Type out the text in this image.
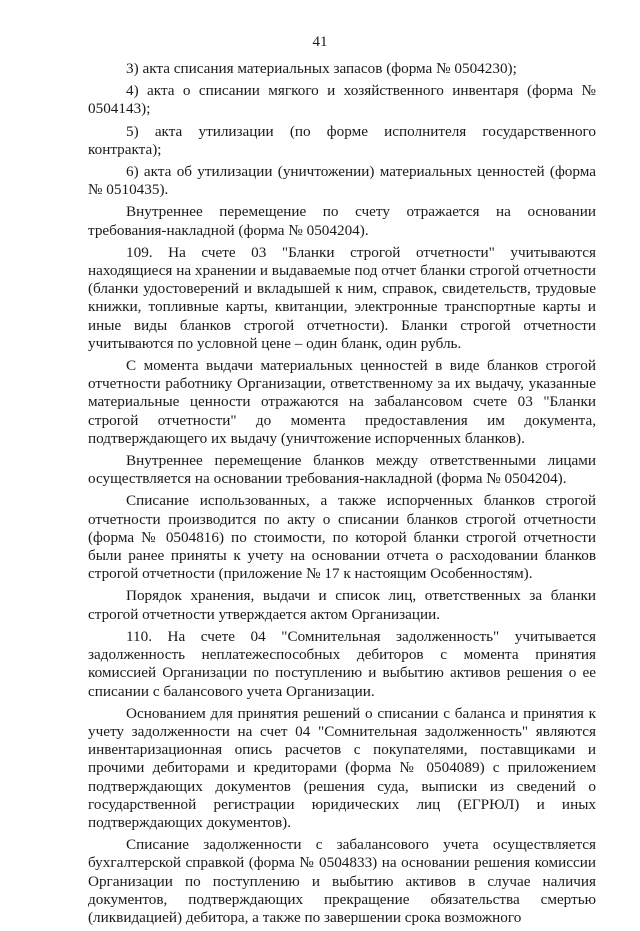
41

3) акта списания материальных запасов (форма № 0504230);

4) акта о списании мягкого и хозяйственного инвентаря (форма № 0504143);

5) акта утилизации (по форме исполнителя государственного контракта);

6) акта об утилизации (уничтожении) материальных ценностей (форма № 0510435).

Внутреннее перемещение по счету отражается на основании требования-накладной (форма № 0504204).

109. На счете 03 "Бланки строгой отчетности" учитываются находящиеся на хранении и выдаваемые под отчет бланки строгой отчетности (бланки удостоверений и вкладышей к ним, справок, свидетельств, трудовые книжки, топливные карты, квитанции, электронные транспортные карты и иные виды бланков строгой отчетности). Бланки строгой отчетности учитываются по условной цене – один бланк, один рубль.

С момента выдачи материальных ценностей в виде бланков строгой отчетности работнику Организации, ответственному за их выдачу, указанные материальные ценности отражаются на забалансовом счете 03 "Бланки строгой отчетности" до момента предоставления им документа, подтверждающего их выдачу (уничтожение испорченных бланков).

Внутреннее перемещение бланков между ответственными лицами осуществляется на основании требования-накладной (форма № 0504204).

Списание использованных, а также испорченных бланков строгой отчетности производится по акту о списании бланков строгой отчетности (форма № 0504816) по стоимости, по которой бланки строгой отчетности были ранее приняты к учету на основании отчета о расходовании бланков строгой отчетности (приложение № 17 к настоящим Особенностям).

Порядок хранения, выдачи и список лиц, ответственных за бланки строгой отчетности утверждается актом Организации.

110. На счете 04 "Сомнительная задолженность" учитывается задолженность неплатежеспособных дебиторов с момента принятия комиссией Организации по поступлению и выбытию активов решения о ее списании с балансового учета Организации.

Основанием для принятия решений о списании с баланса и принятия к учету задолженности на счет 04 "Сомнительная задолженность" являются инвентаризационная опись расчетов с покупателями, поставщиками и прочими дебиторами и кредиторами (форма № 0504089) с приложением подтверждающих документов (решения суда, выписки из сведений о государственной регистрации юридических лиц (ЕГРЮЛ) и иных подтверждающих документов).

Списание задолженности с забалансового учета осуществляется бухгалтерской справкой (форма № 0504833) на основании решения комиссии Организации по поступлению и выбытию активов в случае наличия документов, подтверждающих прекращение обязательства смертью (ликвидацией) дебитора, а также по завершении срока возможного
